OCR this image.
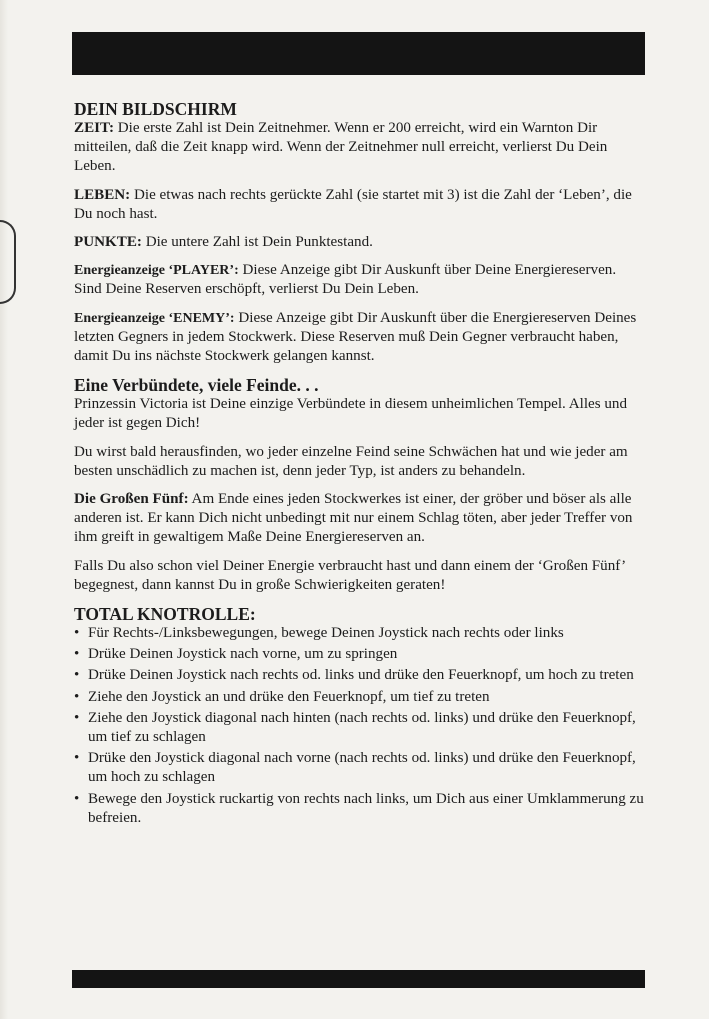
DEIN BILDSCHIRM

ZEIT: Die erste Zahl ist Dein Zeitnehmer. Wenn er 200 erreicht, wird ein Warnton Dir mitteilen, daß die Zeit knapp wird. Wenn der Zeitnehmer null erreicht, verlierst Du Dein Leben.

LEBEN: Die etwas nach rechts gerückte Zahl (sie startet mit 3) ist die Zahl der ‘Leben’, die Du noch hast.

PUNKTE: Die untere Zahl ist Dein Punktestand.

Energieanzeige ‘PLAYER’: Diese Anzeige gibt Dir Auskunft über Deine Energiereserven. Sind Deine Reserven erschöpft, verlierst Du Dein Leben.

Energieanzeige ‘ENEMY’: Diese Anzeige gibt Dir Auskunft über die Energiereserven Deines letzten Gegners in jedem Stockwerk. Diese Reserven muß Dein Gegner verbraucht haben, damit Du ins nächste Stockwerk gelangen kannst.

Eine Verbündete, viele Feinde. . .

Prinzessin Victoria ist Deine einzige Verbündete in diesem unheimlichen Tempel. Alles und jeder ist gegen Dich!

Du wirst bald herausfinden, wo jeder einzelne Feind seine Schwächen hat und wie jeder am besten unschädlich zu machen ist, denn jeder Typ, ist anders zu behandeln.

Die Großen Fünf: Am Ende eines jeden Stockwerkes ist einer, der gröber und böser als alle anderen ist. Er kann Dich nicht unbedingt mit nur einem Schlag töten, aber jeder Treffer von ihm greift in gewaltigem Maße Deine Energiereserven an.

Falls Du also schon viel Deiner Energie verbraucht hast und dann einem der ‘Großen Fünf’ begegnest, dann kannst Du in große Schwierigkeiten geraten!

TOTAL KNOTROLLE:
• Für Rechts-/Linksbewegungen, bewege Deinen Joystick nach rechts oder links
• Drüke Deinen Joystick nach vorne, um zu springen
• Drüke Deinen Joystick nach rechts od. links und drüke den Feuerknopf, um hoch zu treten
• Ziehe den Joystick an und drüke den Feuerknopf, um tief zu treten
• Ziehe den Joystick diagonal nach hinten (nach rechts od. links) und drüke den Feuerknopf, um tief zu schlagen
• Drüke den Joystick diagonal nach vorne (nach rechts od. links) und drüke den Feuerknopf, um hoch zu schlagen
• Bewege den Joystick ruckartig von rechts nach links, um Dich aus einer Umklammerung zu befreien.
